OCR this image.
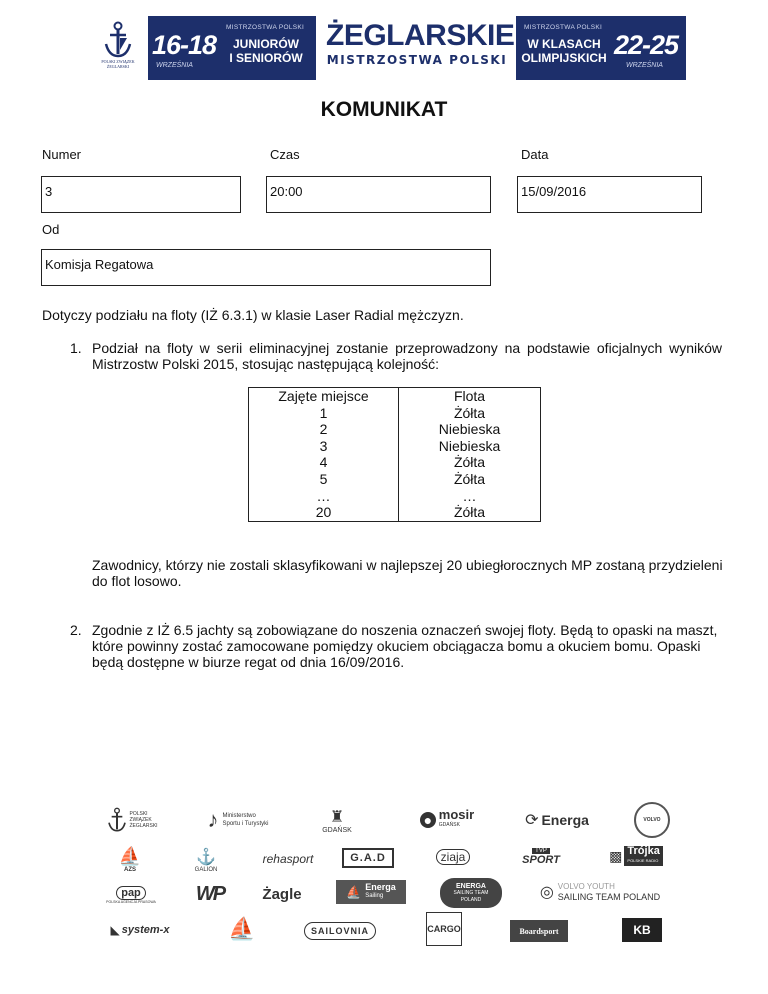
POLSKI ZWIĄZEK
ŻEGLARSKI
16-18
WRZEŚNIA
MISTRZOSTWA POLSKI
JUNIORÓW
I SENIORÓW
ŻEGLARSKIE
MISTRZOSTWA POLSKI
MISTRZOSTWA POLSKI
W KLASACH
OLIMPIJSKICH 22-25
WRZEŚNIA
KOMUNIKAT
Numer	Czas	Data
3	20:00	15/09/2016
Od
Komisja Regatowa
Dotyczy podziału na floty (IŻ 6.3.1) w klasie Laser Radial mężczyzn.
1. Podział na floty w serii eliminacyjnej zostanie przeprowadzony na podstawie oficjalnych wyników Mistrzostw Polski 2015, stosując następującą kolejność:
Zajęte miejsce	Flota
1	Żółta
2	Niebieska
3	Niebieska
4	Żółta
5	Żółta
…	…
20	Żółta
Zawodnicy, którzy nie zostali sklasyfikowani w najlepszej 20 ubiegłorocznych MP zostaną przydzieleni do flot losowo.
2. Zgodnie z IŻ 6.5 jachty są zobowiązane do noszenia oznaczeń swojej floty. Będą to opaski na maszt, które powinny zostać zamocowane pomiędzy okuciem obciągacza bomu a okuciem bomu. Opaski będą dostępne w biurze regat od dnia 16/09/2016.
POLSKI ZWIĄZEK ŻEGLARSKI ♪ Ministerstwo
Sportu i Turystyki	♜
GDAŃSK
● mosir
GDAŃSK	⟳ Energa	VOLVO
⛵
AZS
⚓
GALION
rehasport	G.A.D	ziaja	TVP
SPORT	▩ Trójka
POLSKIE RADIO
pap
POLSKA AGENCJA PRASOWA WP	Żagle	⛵ Energa
Sailing
ENERGA
SAILING TEAM
POLAND	◎ VOLVO YOUTH
SAILING TEAM POLAND
◣ system-x	⛵	SAILOVNIA	CARGO	Boardsport	KB
